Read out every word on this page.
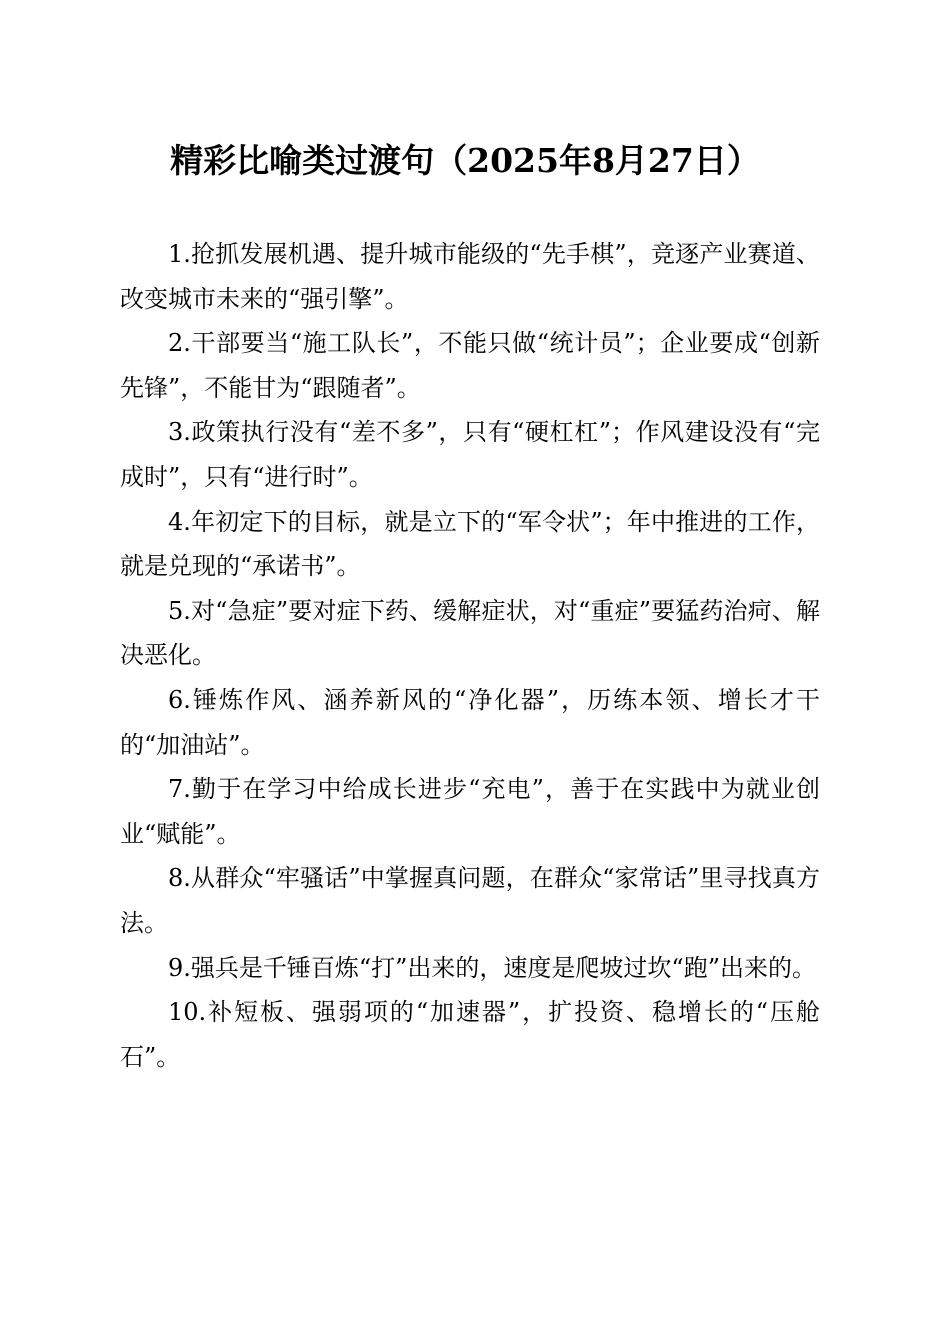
精彩比喻类过渡句（2025年8月27日）

1.抢抓发展机遇、提升城市能级的“先手棋”，竞逐产业赛道、改变城市未来的“强引擎”。

2.干部要当“施工队长”，不能只做“统计员”；企业要成“创新先锋”，不能甘为“跟随者”。

3.政策执行没有“差不多”，只有“硬杠杠”；作风建设没有“完成时”，只有“进行时”。

4.年初定下的目标，就是立下的“军令状”；年中推进的工作，就是兑现的“承诺书”。

5.对“急症”要对症下药、缓解症状，对“重症”要猛药治疴、解决恶化。

6.锤炼作风、涵养新风的“净化器”，历练本领、增长才干的“加油站”。

7.勤于在学习中给成长进步“充电”，善于在实践中为就业创业“赋能”。

8.从群众“牢骚话”中掌握真问题，在群众“家常话”里寻找真方法。

9.强兵是千锤百炼“打”出来的，速度是爬坡过坎“跑”出来的。

10.补短板、强弱项的“加速器”，扩投资、稳增长的“压舱石”。
